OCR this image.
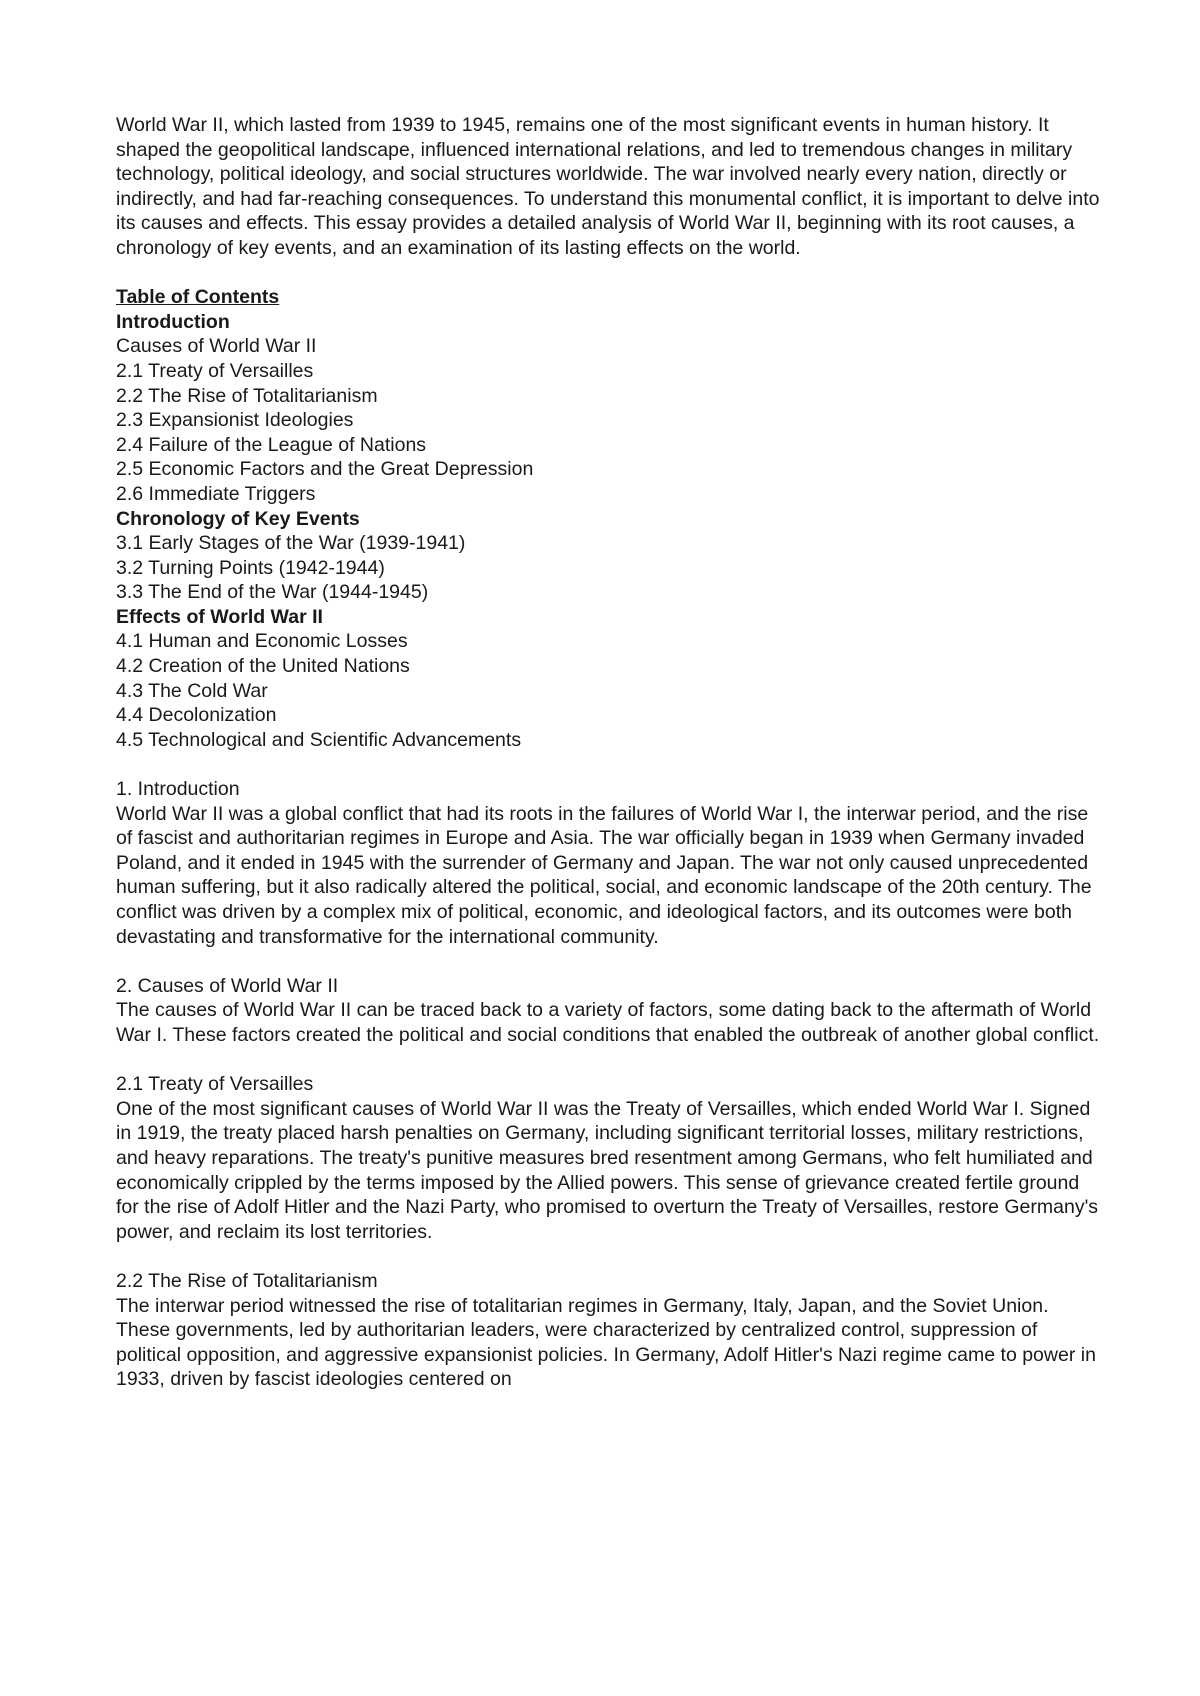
World War II, which lasted from 1939 to 1945, remains one of the most significant events in human history. It shaped the geopolitical landscape, influenced international relations, and led to tremendous changes in military technology, political ideology, and social structures worldwide. The war involved nearly every nation, directly or indirectly, and had far-reaching consequences. To understand this monumental conflict, it is important to delve into its causes and effects. This essay provides a detailed analysis of World War II, beginning with its root causes, a chronology of key events, and an examination of its lasting effects on the world.

Table of Contents
Introduction
Causes of World War II
2.1 Treaty of Versailles
2.2 The Rise of Totalitarianism
2.3 Expansionist Ideologies
2.4 Failure of the League of Nations
2.5 Economic Factors and the Great Depression
2.6 Immediate Triggers
Chronology of Key Events
3.1 Early Stages of the War (1939-1941)
3.2 Turning Points (1942-1944)
3.3 The End of the War (1944-1945)
Effects of World War II
4.1 Human and Economic Losses
4.2 Creation of the United Nations
4.3 The Cold War
4.4 Decolonization
4.5 Technological and Scientific Advancements
1. Introduction

World War II was a global conflict that had its roots in the failures of World War I, the interwar period, and the rise of fascist and authoritarian regimes in Europe and Asia. The war officially began in 1939 when Germany invaded Poland, and it ended in 1945 with the surrender of Germany and Japan. The war not only caused unprecedented human suffering, but it also radically altered the political, social, and economic landscape of the 20th century. The conflict was driven by a complex mix of political, economic, and ideological factors, and its outcomes were both devastating and transformative for the international community.

2. Causes of World War II

The causes of World War II can be traced back to a variety of factors, some dating back to the aftermath of World War I. These factors created the political and social conditions that enabled the outbreak of another global conflict.

2.1 Treaty of Versailles

One of the most significant causes of World War II was the Treaty of Versailles, which ended World War I. Signed in 1919, the treaty placed harsh penalties on Germany, including significant territorial losses, military restrictions, and heavy reparations. The treaty's punitive measures bred resentment among Germans, who felt humiliated and economically crippled by the terms imposed by the Allied powers. This sense of grievance created fertile ground for the rise of Adolf Hitler and the Nazi Party, who promised to overturn the Treaty of Versailles, restore Germany's power, and reclaim its lost territories.

2.2 The Rise of Totalitarianism

The interwar period witnessed the rise of totalitarian regimes in Germany, Italy, Japan, and the Soviet Union. These governments, led by authoritarian leaders, were characterized by centralized control, suppression of political opposition, and aggressive expansionist policies. In Germany, Adolf Hitler's Nazi regime came to power in 1933, driven by fascist ideologies centered on
